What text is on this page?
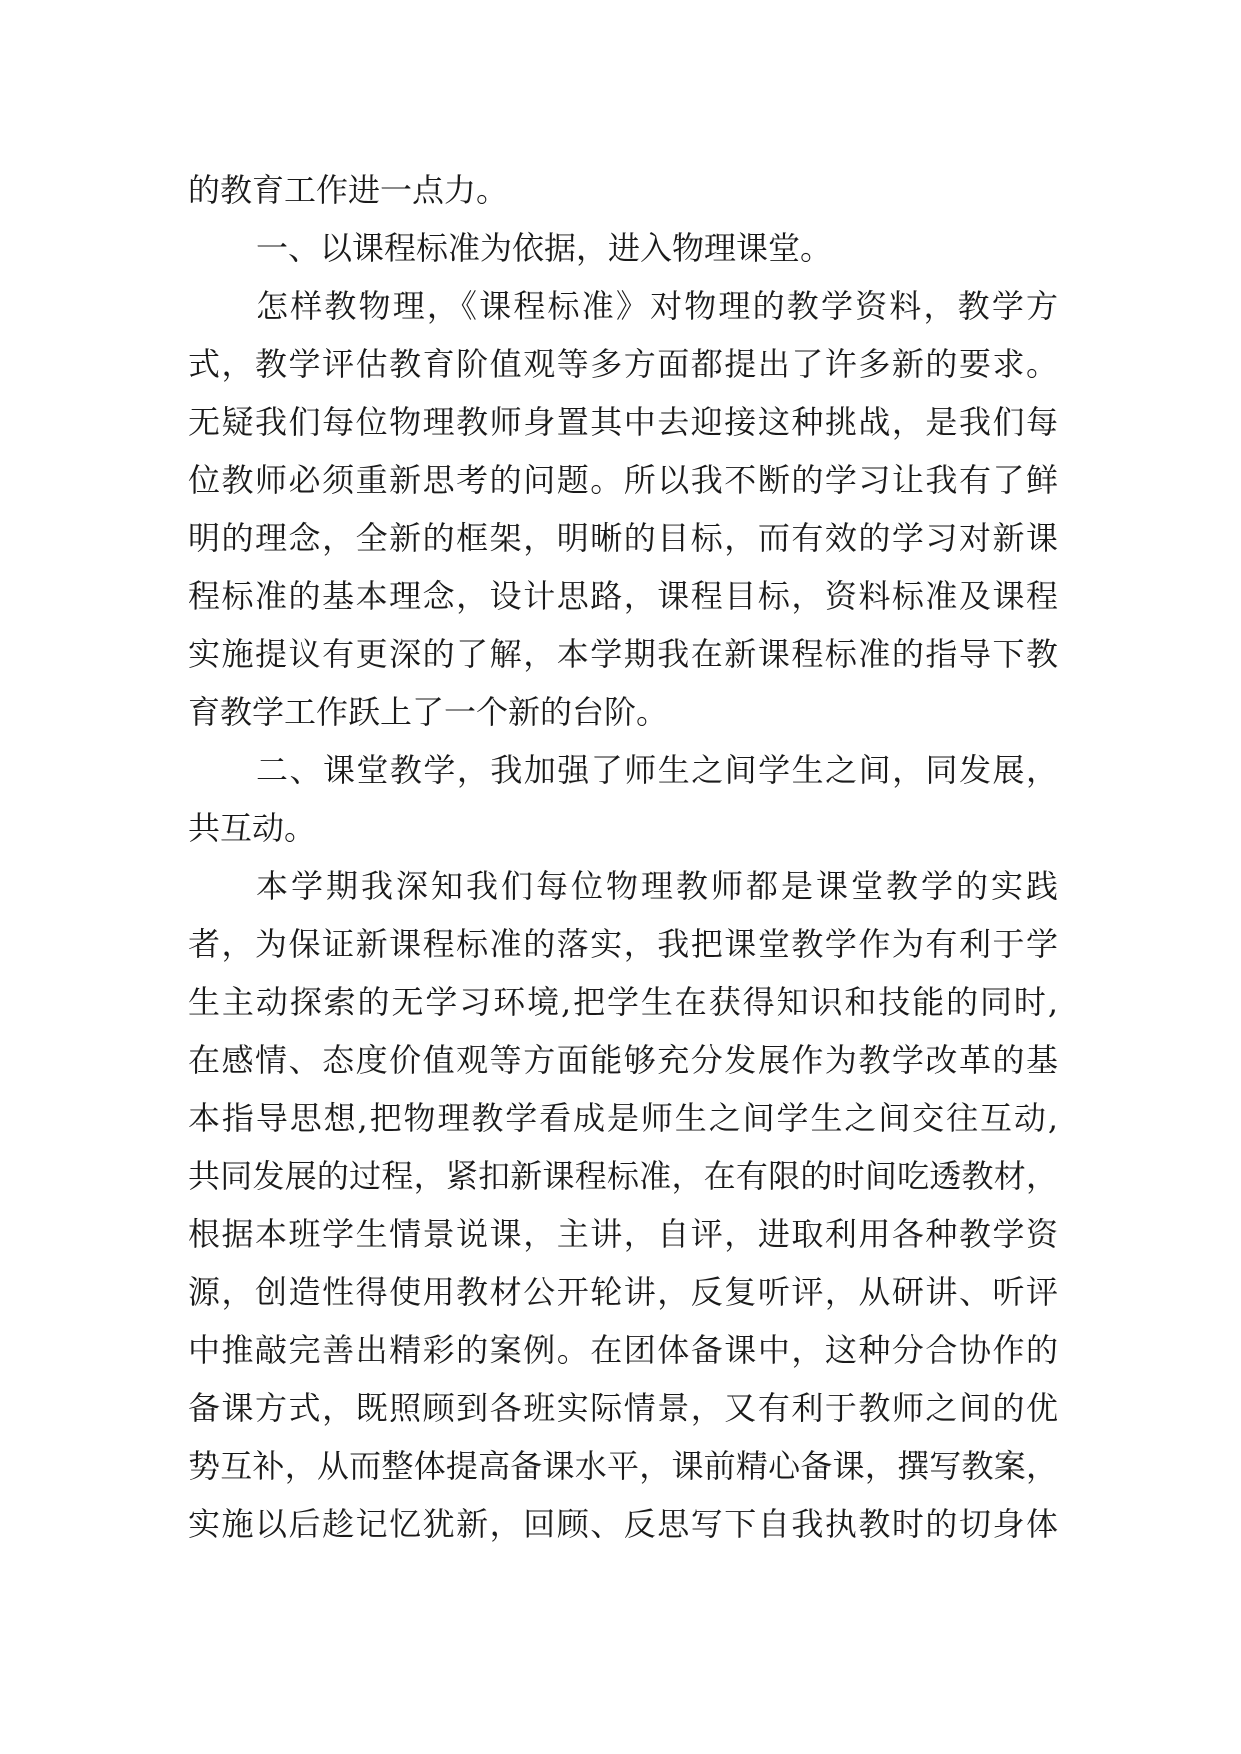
的教育工作进一点力。
一、以课程标准为依据，进入物理课堂。
怎样教物理，《课程标准》对物理的教学资料，教学方
式，教学评估教育阶值观等多方面都提出了许多新的要求。
无疑我们每位物理教师身置其中去迎接这种挑战，是我们每
位教师必须重新思考的问题。所以我不断的学习让我有了鲜
明的理念，全新的框架，明晰的目标，而有效的学习对新课
程标准的基本理念，设计思路，课程目标，资料标准及课程
实施提议有更深的了解，本学期我在新课程标准的指导下教
育教学工作跃上了一个新的台阶。
二、课堂教学，我加强了师生之间学生之间，同发展，
共互动。
本学期我深知我们每位物理教师都是课堂教学的实践
者，为保证新课程标准的落实，我把课堂教学作为有利于学
生主动探索的无学习环境,把学生在获得知识和技能的同时,
在感情、态度价值观等方面能够充分发展作为教学改革的基
本指导思想,把物理教学看成是师生之间学生之间交往互动,
共同发展的过程，紧扣新课程标准，在有限的时间吃透教材，
根据本班学生情景说课，主讲，自评，进取利用各种教学资
源，创造性得使用教材公开轮讲，反复听评，从研讲、听评
中推敲完善出精彩的案例。在团体备课中，这种分合协作的
备课方式，既照顾到各班实际情景，又有利于教师之间的优
势互补，从而整体提高备课水平，课前精心备课，撰写教案，
实施以后趁记忆犹新，回顾、反思写下自我执教时的切身体
